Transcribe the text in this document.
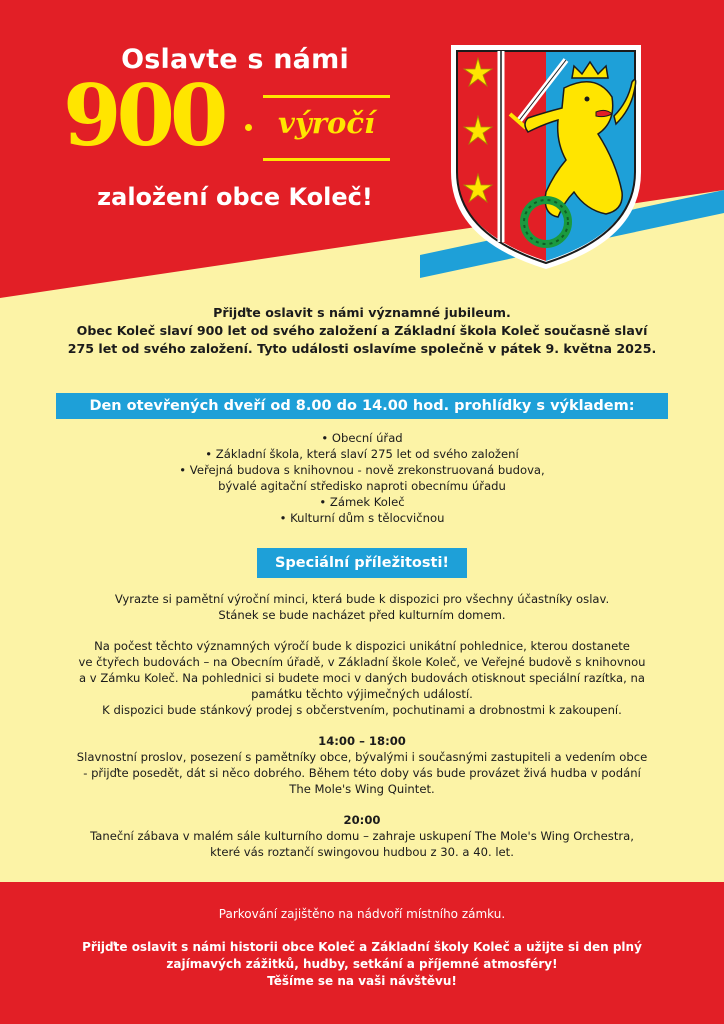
Oslavte s námi
900	výročí
založení obce Koleč!
Přijďte oslavit s námi významné jubileum.
Obec Koleč slaví 900 let od svého založení a Základní škola Koleč současně slaví
275 let od svého založení. Tyto události oslavíme společně v pátek 9. května 2025.
Den otevřených dveří od 8.00 do 14.00 hod. prohlídky s výkladem:
• Obecní úřad
• Základní škola, která slaví 275 let od svého založení
• Veřejná budova s knihovnou - nově zrekonstruovaná budova,
bývalé agitační středisko naproti obecnímu úřadu
• Zámek Koleč
• Kulturní dům s tělocvičnou
Speciální příležitosti!
Vyrazte si pamětní výroční minci, která bude k dispozici pro všechny účastníky oslav.
Stánek se bude nacházet před kulturním domem.
Na počest těchto významných výročí bude k dispozici unikátní pohlednice, kterou dostanete
ve čtyřech budovách – na Obecním úřadě, v Základní škole Koleč, ve Veřejné budově s knihovnou
a v Zámku Koleč. Na pohlednici si budete moci v daných budovách otisknout speciální razítka, na
památku těchto výjimečných událostí.
K dispozici bude stánkový prodej s občerstvením, pochutinami a drobnostmi k zakoupení.
14:00 – 18:00
Slavnostní proslov, posezení s pamětníky obce, bývalými i současnými zastupiteli a vedením obce
- přijďte posedět, dát si něco dobrého. Během této doby vás bude provázet živá hudba v podání
The Mole's Wing Quintet.
20:00
Taneční zábava v malém sále kulturního domu – zahraje uskupení The Mole's Wing Orchestra,
které vás roztančí swingovou hudbou z 30. a 40. let.
Parkování zajištěno na nádvoří místního zámku.
Přijďte oslavit s námi historii obce Koleč a Základní školy Koleč a užijte si den plný
zajímavých zážitků, hudby, setkání a příjemné atmosféry!
Těšíme se na vaši návštěvu!
